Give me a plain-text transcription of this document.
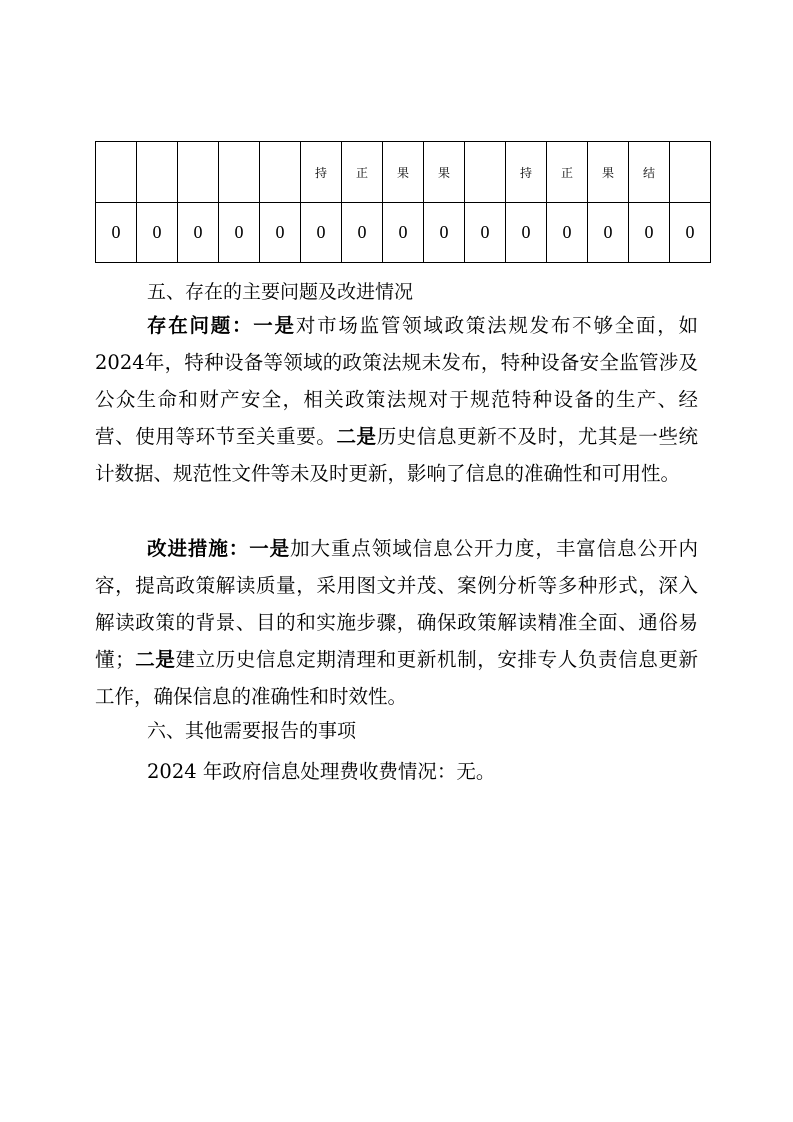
					持	正	果	果		持	正	果	结	
0	0	0	0	0	0	0	0	0	0	0	0	0	0	0
五、存在的主要问题及改进情况

存在问题：一是对市场监管领域政策法规发布不够全面，如2024年，特种设备等领域的政策法规未发布，特种设备安全监管涉及公众生命和财产安全，相关政策法规对于规范特种设备的生产、经营、使用等环节至关重要。二是历史信息更新不及时，尤其是一些统计数据、规范性文件等未及时更新，影响了信息的准确性和可用性。

改进措施：一是加大重点领域信息公开力度，丰富信息公开内容，提高政策解读质量，采用图文并茂、案例分析等多种形式，深入解读政策的背景、目的和实施步骤，确保政策解读精准全面、通俗易懂；二是建立历史信息定期清理和更新机制，安排专人负责信息更新工作，确保信息的准确性和时效性。

六、其他需要报告的事项

2024 年政府信息处理费收费情况：无。
